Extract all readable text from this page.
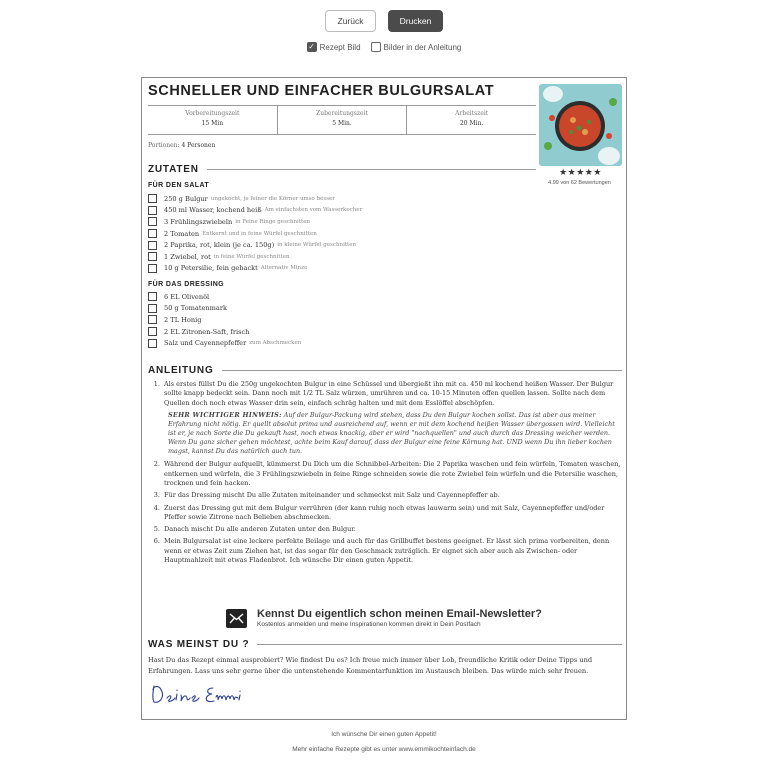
Zurück	Drucken
✓ Rezept Bild	Bilder in der Anleitung
SCHNELLER UND EINFACHER BULGURSALAT
★★★★★
4.99 von 62 Bewertungen
Vorbereitungszeit
15 Min
Zubereitungszeit
5 Min.
Arbeitszeit
20 Min.
Portionen: 4 Personen
ZUTATEN
FÜR DEN SALAT
250 g Bulgur ungekocht, je feiner die Körner umso besser
450 ml Wasser, kochend heiß Am einfachsten vom Wasserkocher
3 Frühlingszwiebeln in Feine Ringe geschnitten
2 Tomaten Entkernt und in feine Würfel geschnitten
2 Paprika, rot, klein (je ca. 150g) in kleine Würfel geschnitten
1 Zwiebel, rot in feine Würfel geschnitten
10 g Petersilie, fein gehackt Alternativ Minze
FÜR DAS DRESSING
6 EL Olivenöl
50 g Tomatenmark
2 TL Honig
2 EL Zitronen-Saft, frisch
Salz und Cayennepfeffer zum Abschmecken
ANLEITUNG
1. Als erstes füllst Du die 250g ungekochten Bulgur in eine Schüssel und übergießt ihn mit ca. 450 ml kochend heißen Wasser. Der Bulgur sollte knapp bedeckt sein. Dann noch mit 1/2 TL Salz würzen, umrühren und ca. 10-15 Minuten offen quellen lassen. Sollte nach dem Quellen doch noch etwas Wasser drin sein, einfach schräg halten und mit dem Esslöffel abschöpfen.
SEHR WICHTIGER HINWEIS: Auf der Bulgur-Packung wird stehen, dass Du den Bulgur kochen sollst. Das ist aber aus meiner Erfahrung nicht nötig. Er quellt absolut prima und ausreichend auf, wenn er mit dem kochend heißen Wasser übergossen wird. Vielleicht ist er, je nach Sorte die Du gekauft hast, noch etwas knackig, aber er wird "nachquellen" und auch durch das Dressing weicher werden. Wenn Du ganz sicher gehen möchtest, achte beim Kauf darauf, dass der Bulgur eine feine Körnung hat. UND wenn Du ihn lieber kochen magst, kannst Du das natürlich auch tun.
2. Während der Bulgur aufquellt, kümmerst Du Dich um die Schnibbel-Arbeiten: Die 2 Paprika waschen und fein würfeln, Tomaten waschen, entkernen und würfeln, die 3 Frühlingszwiebeln in feine Ringe schneiden sowie die rote Zwiebel fein würfeln und die Petersilie waschen, trocknen und fein hacken.
3. Für das Dressing mischt Du alle Zutaten miteinander und schmeckst mit Salz und Cayennepfeffer ab.
4. Zuerst das Dressing gut mit dem Bulgur verrühren (der kann ruhig noch etwas lauwarm sein) und mit Salz, Cayennepfeffer und/oder Pfeffer sowie Zitrone nach Belieben abschmecken.
5. Danach mischt Du alle anderen Zutaten unter den Bulgur.
6. Mein Bulgursalat ist eine leckere perfekte Beilage und auch für das Grillbuffet bestens geeignet. Er lässt sich prima vorbereiten, denn wenn er etwas Zeit zum Ziehen hat, ist das sogar für den Geschmack zuträglich. Er eignet sich aber auch als Zwischen- oder Hauptmahlzeit mit etwas Fladenbrot. Ich wünsche Dir einen guten Appetit.
Kennst Du eigentlich schon meinen Email-Newsletter?
Kostenlos anmelden und meine Inspirationen kommen direkt in Dein Postfach
WAS MEINST DU ?
Hast Du das Rezept einmal ausprobiert? Wie findest Du es? Ich freue mich immer über Lob, freundliche Kritik oder Deine Tipps und Erfahrungen. Lass uns sehr gerne über die untenstehende Kommentarfunktion im Austausch bleiben. Das würde mich sehr freuen.
Ich wünsche Dir einen guten Appetit!
Mehr einfache Rezepte gibt es unter www.emmikochteinfach.de
